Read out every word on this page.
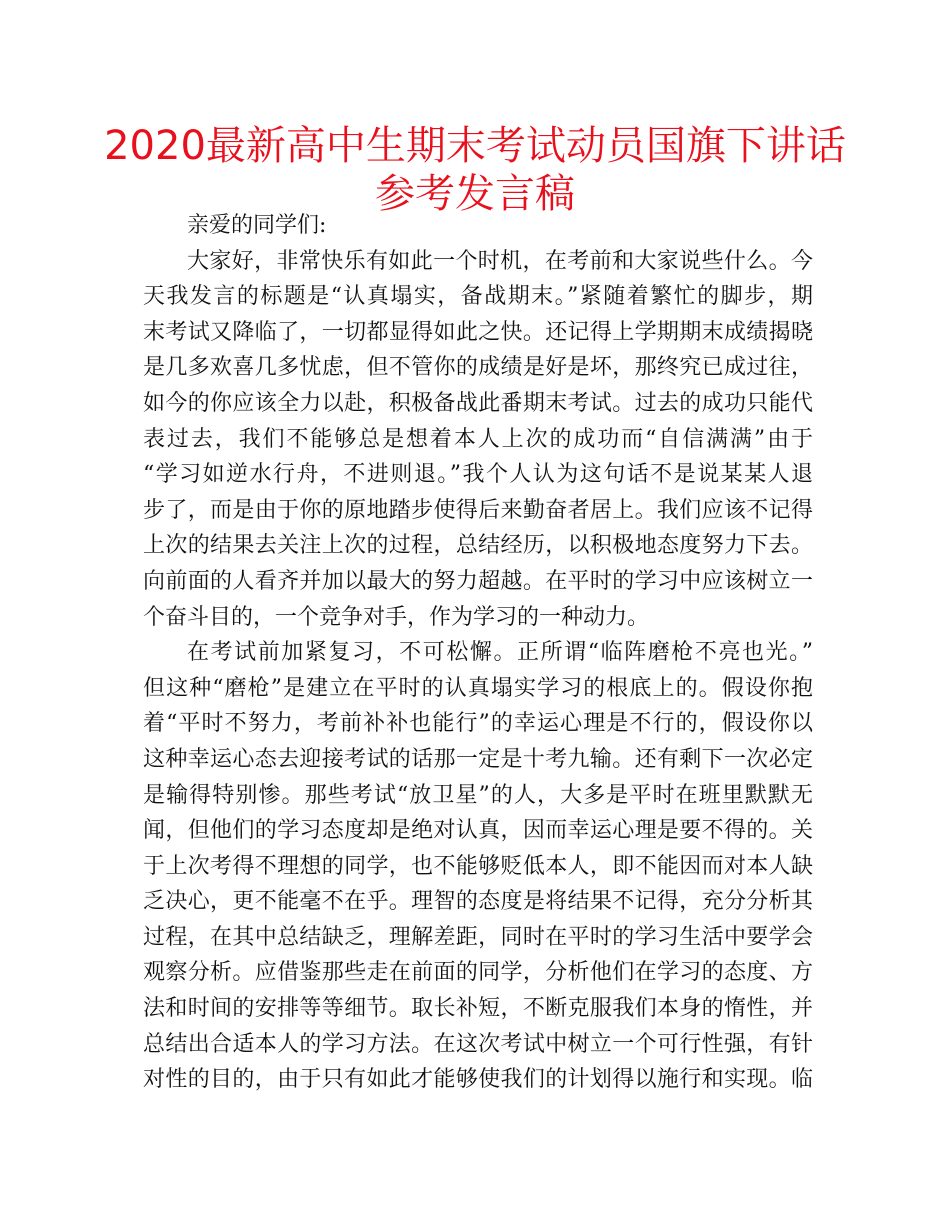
2020最新高中生期末考试动员国旗下讲话
参考发言稿
亲爱的同学们:
大家好，非常快乐有如此一个时机，在考前和大家说些什么。今
天我发言的标题是“认真塌实，备战期末。”紧随着繁忙的脚步，期
末考试又降临了，一切都显得如此之快。还记得上学期期末成绩揭晓
是几多欢喜几多忧虑，但不管你的成绩是好是坏，那终究已成过往，
如今的你应该全力以赴，积极备战此番期末考试。过去的成功只能代
表过去，我们不能够总是想着本人上次的成功而“自信满满”由于
“学习如逆水行舟，不进则退。”我个人认为这句话不是说某某人退
步了，而是由于你的原地踏步使得后来勤奋者居上。我们应该不记得
上次的结果去关注上次的过程，总结经历，以积极地态度努力下去。
向前面的人看齐并加以最大的努力超越。在平时的学习中应该树立一
个奋斗目的，一个竞争对手，作为学习的一种动力。
在考试前加紧复习，不可松懈。正所谓“临阵磨枪不亮也光。”
但这种“磨枪”是建立在平时的认真塌实学习的根底上的。假设你抱
着“平时不努力，考前补补也能行”的幸运心理是不行的，假设你以
这种幸运心态去迎接考试的话那一定是十考九输。还有剩下一次必定
是输得特别惨。那些考试“放卫星”的人，大多是平时在班里默默无
闻，但他们的学习态度却是绝对认真，因而幸运心理是要不得的。关
于上次考得不理想的同学，也不能够贬低本人，即不能因而对本人缺
乏决心，更不能毫不在乎。理智的态度是将结果不记得，充分分析其
过程，在其中总结缺乏，理解差距，同时在平时的学习生活中要学会
观察分析。应借鉴那些走在前面的同学，分析他们在学习的态度、方
法和时间的安排等等细节。取长补短，不断克服我们本身的惰性，并
总结出合适本人的学习方法。在这次考试中树立一个可行性强，有针
对性的目的，由于只有如此才能够使我们的计划得以施行和实现。临
